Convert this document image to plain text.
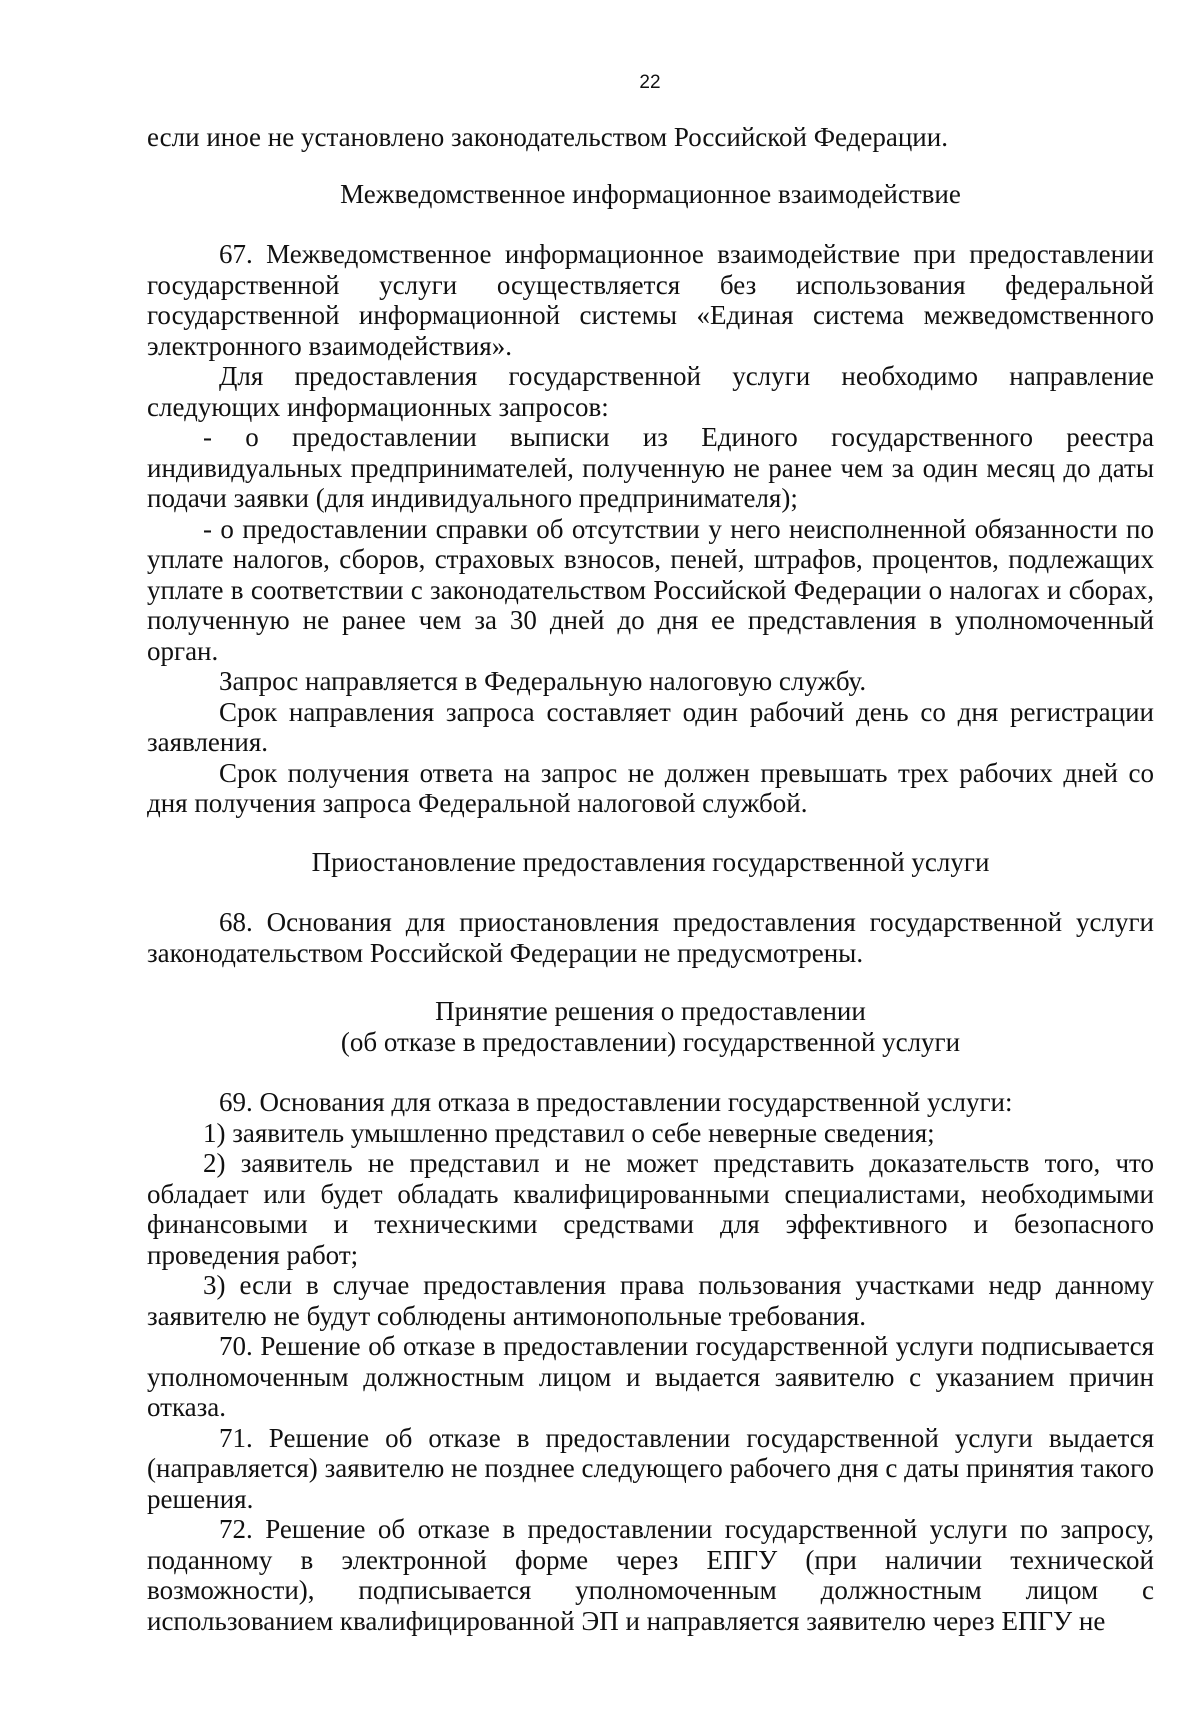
22

если иное не установлено законодательством Российской Федерации.

Межведомственное информационное взаимодействие

67. Межведомственное информационное взаимодействие при предоставлении государственной услуги осуществляется без использования федеральной государственной информационной системы «Единая система межведомственного электронного взаимодействия».

Для предоставления государственной услуги необходимо направление следующих информационных запросов:

- о предоставлении выписки из Единого государственного реестра индивидуальных предпринимателей, полученную не ранее чем за один месяц до даты подачи заявки (для индивидуального предпринимателя);

- о предоставлении справки об отсутствии у него неисполненной обязанности по уплате налогов, сборов, страховых взносов, пеней, штрафов, процентов, подлежащих уплате в соответствии с законодательством Российской Федерации о налогах и сборах, полученную не ранее чем за 30 дней до дня ее представления в уполномоченный орган.

Запрос направляется в Федеральную налоговую службу.

Срок направления запроса составляет один рабочий день со дня регистрации заявления.

Срок получения ответа на запрос не должен превышать трех рабочих дней со дня получения запроса Федеральной налоговой службой.

Приостановление предоставления государственной услуги

68. Основания для приостановления предоставления государственной услуги законодательством Российской Федерации не предусмотрены.

Принятие решения о предоставлении
(об отказе в предоставлении) государственной услуги

69. Основания для отказа в предоставлении государственной услуги:

1) заявитель умышленно представил о себе неверные сведения;

2) заявитель не представил и не может представить доказательств того, что обладает или будет обладать квалифицированными специалистами, необходимыми финансовыми и техническими средствами для эффективного и безопасного проведения работ;

3) если в случае предоставления права пользования участками недр данному заявителю не будут соблюдены антимонопольные требования.

70. Решение об отказе в предоставлении государственной услуги подписывается уполномоченным должностным лицом и выдается заявителю с указанием причин отказа.

71. Решение об отказе в предоставлении государственной услуги выдается (направляется) заявителю не позднее следующего рабочего дня с даты принятия такого решения.

72. Решение об отказе в предоставлении государственной услуги по запросу, поданному в электронной форме через ЕПГУ (при наличии технической возможности), подписывается уполномоченным должностным лицом с использованием квалифицированной ЭП и направляется заявителю через ЕПГУ не
